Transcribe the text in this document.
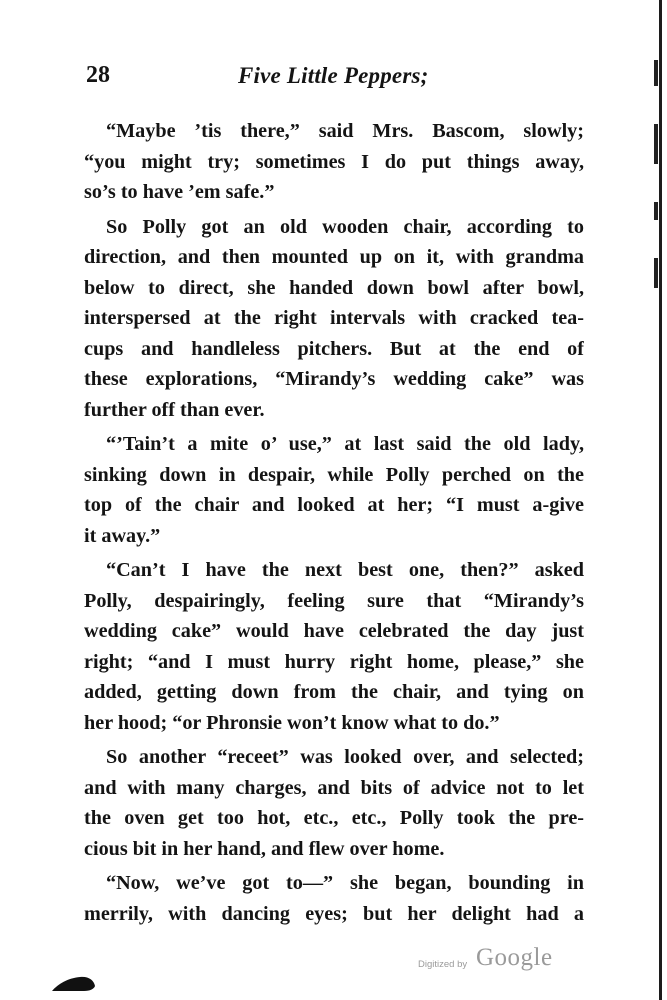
28	Five Little Peppers;
“Maybe ’tis there,” said Mrs. Bascom, slowly;
“you might try; sometimes I do put things away,
so’s to have ’em safe.”
So Polly got an old wooden chair, according to
direction, and then mounted up on it, with grandma
below to direct, she handed down bowl after bowl,
interspersed at the right intervals with cracked tea-
cups and handleless pitchers. But at the end of
these explorations, “Mirandy’s wedding cake” was
further off than ever.
“’Tain’t a mite o’ use,” at last said the old lady,
sinking down in despair, while Polly perched on the
top of the chair and looked at her; “I must a-give
it away.”
“Can’t I have the next best one, then?” asked
Polly, despairingly, feeling sure that “Mirandy’s
wedding cake” would have celebrated the day just
right; “and I must hurry right home, please,” she
added, getting down from the chair, and tying on
her hood; “or Phronsie won’t know what to do.”
So another “receet” was looked over, and selected;
and with many charges, and bits of advice not to let
the oven get too hot, etc., etc., Polly took the pre-
cious bit in her hand, and flew over home.
“Now, we’ve got to—” she began, bounding in
merrily, with dancing eyes; but her delight had a
Digitized by Google
